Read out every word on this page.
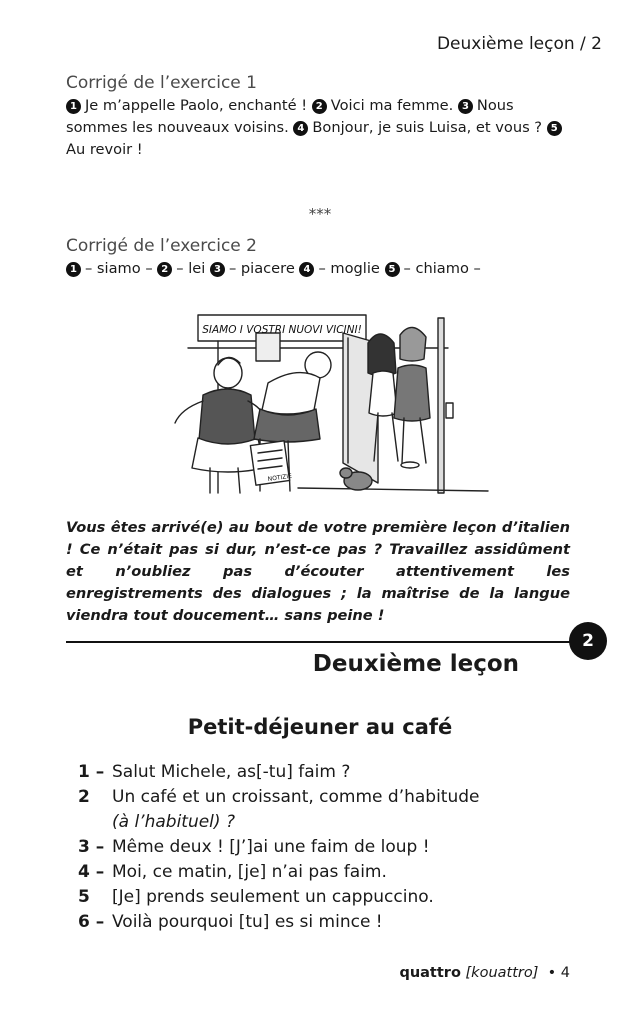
Deuxième leçon / 2
Corrigé de l’exercice 1
1 Je m’appelle Paolo, enchanté ! 2 Voici ma femme. 3 Nous sommes les nouveaux voisins. 4 Bonjour, je suis Luisa, et vous ? 5Au revoir !
***
Corrigé de l’exercice 2
1 – siamo – 2 – lei 3 – piacere 4 – moglie 5 – chiamo –
SIAMO I VOSTRI NUOVI VICINI!
NOTIZIE
Vous êtes arrivé(e) au bout de votre première leçon d’italien ! Ce n’était pas si dur, n’est-ce pas ? Travaillez assidûment et n’oubliez pas d’écouter attentivement les enregistrements des dialogues ; la maîtrise de la langue viendra tout doucement… sans peine !
2
Deuxième leçon
Petit-déjeuner au café
1 – Salut Michele, as[-tu] faim ?
2 Un café et un croissant, comme d’habitude
(à l’habituel) ?
3 – Même deux ! [J’]ai une faim de loup !
4 – Moi, ce matin, [je] n’ai pas faim.
5 [Je] prends seulement un cappuccino.
6 – Voilà pourquoi [tu] es si mince !
quattro [kouattro] • 4
